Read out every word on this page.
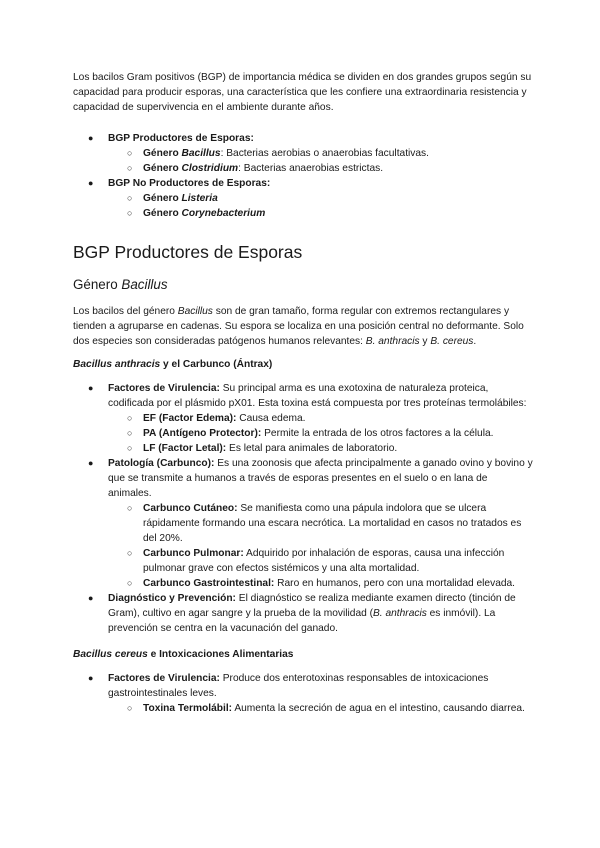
Los bacilos Gram positivos (BGP) de importancia médica se dividen en dos grandes grupos según su capacidad para producir esporas, una característica que les confiere una extraordinaria resistencia y capacidad de supervivencia en el ambiente durante años.

● BGP Productores de Esporas:
○ Género Bacillus: Bacterias aerobias o anaerobias facultativas.
○ Género Clostridium: Bacterias anaerobias estrictas.
● BGP No Productores de Esporas:
○ Género Listeria
○ Género Corynebacterium
BGP Productores de Esporas
Género Bacillus

Los bacilos del género Bacillus son de gran tamaño, forma regular con extremos rectangulares y tienden a agruparse en cadenas. Su espora se localiza en una posición central no deformante. Solo dos especies son consideradas patógenos humanos relevantes: B. anthracis y B. cereus.

Bacillus anthracis y el Carbunco (Ántrax)
● Factores de Virulencia: Su principal arma es una exotoxina de naturaleza proteica, codificada por el plásmido pX01. Esta toxina está compuesta por tres proteínas termolábiles:
○ EF (Factor Edema): Causa edema.
○ PA (Antígeno Protector): Permite la entrada de los otros factores a la célula.
○ LF (Factor Letal): Es letal para animales de laboratorio.
● Patología (Carbunco): Es una zoonosis que afecta principalmente a ganado ovino y bovino y que se transmite a humanos a través de esporas presentes en el suelo o en lana de animales.
○ Carbunco Cutáneo: Se manifiesta como una pápula indolora que se ulcera rápidamente formando una escara necrótica. La mortalidad en casos no tratados es del 20%.
○ Carbunco Pulmonar: Adquirido por inhalación de esporas, causa una infección pulmonar grave con efectos sistémicos y una alta mortalidad.
○ Carbunco Gastrointestinal: Raro en humanos, pero con una mortalidad elevada.
● Diagnóstico y Prevención: El diagnóstico se realiza mediante examen directo (tinción de Gram), cultivo en agar sangre y la prueba de la movilidad (B. anthracis es inmóvil). La prevención se centra en la vacunación del ganado.
Bacillus cereus e Intoxicaciones Alimentarias
● Factores de Virulencia: Produce dos enterotoxinas responsables de intoxicaciones gastrointestinales leves.
○ Toxina Termolábil: Aumenta la secreción de agua en el intestino, causando diarrea.
